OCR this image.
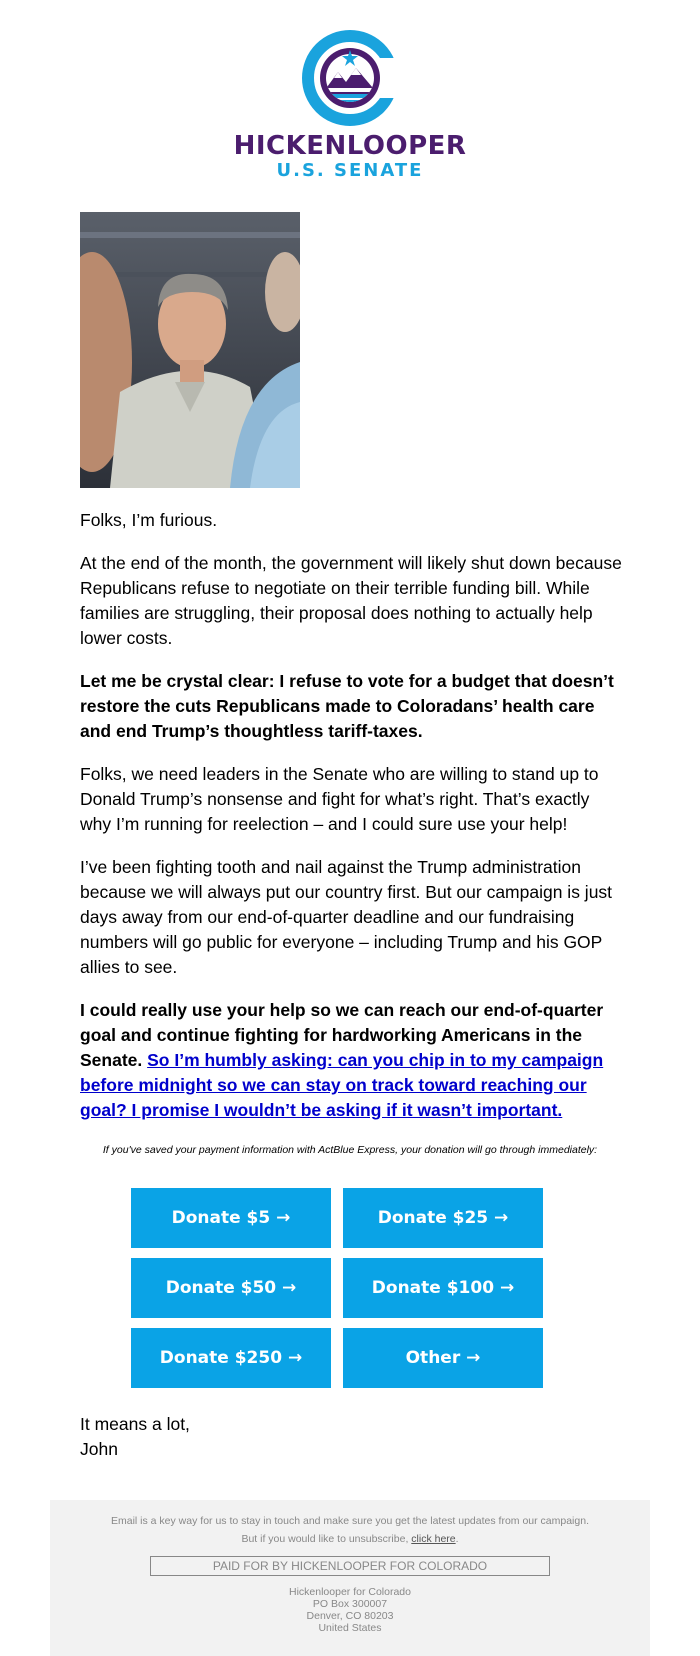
HICKENLOOPER
U.S. SENATE

Folks, I’m furious.

At the end of the month, the government will likely shut down because Republicans refuse to negotiate on their terrible funding bill. While families are struggling, their proposal does nothing to actually help lower costs.

Let me be crystal clear: I refuse to vote for a budget that doesn’t restore the cuts Republicans made to Coloradans’ health care and end Trump’s thoughtless tariff-taxes.

Folks, we need leaders in the Senate who are willing to stand up to Donald Trump’s nonsense and fight for what’s right. That’s exactly why I’m running for reelection – and I could sure use your help!

I’ve been fighting tooth and nail against the Trump administration because we will always put our country first. But our campaign is just days away from our end-of-quarter deadline and our fundraising numbers will go public for everyone – including Trump and his GOP allies to see.

I could really use your help so we can reach our end-of-quarter goal and continue fighting for hardworking Americans in the Senate. So I’m humbly asking: can you chip in to my campaign before midnight so we can stay on track toward reaching our goal? I promise I wouldn’t be asking if it wasn’t important.

If you've saved your payment information with ActBlue Express, your donation will go through immediately:
Donate $5 →	Donate $25 →
Donate $50 →	Donate $100 →
Donate $250 →	Other →
It means a lot,
John
Email is a key way for us to stay in touch and make sure you get the latest updates from our campaign.
But if you would like to unsubscribe, click here.
PAID FOR BY HICKENLOOPER FOR COLORADO
Hickenlooper for Colorado
PO Box 300007
Denver, CO 80203
United States
